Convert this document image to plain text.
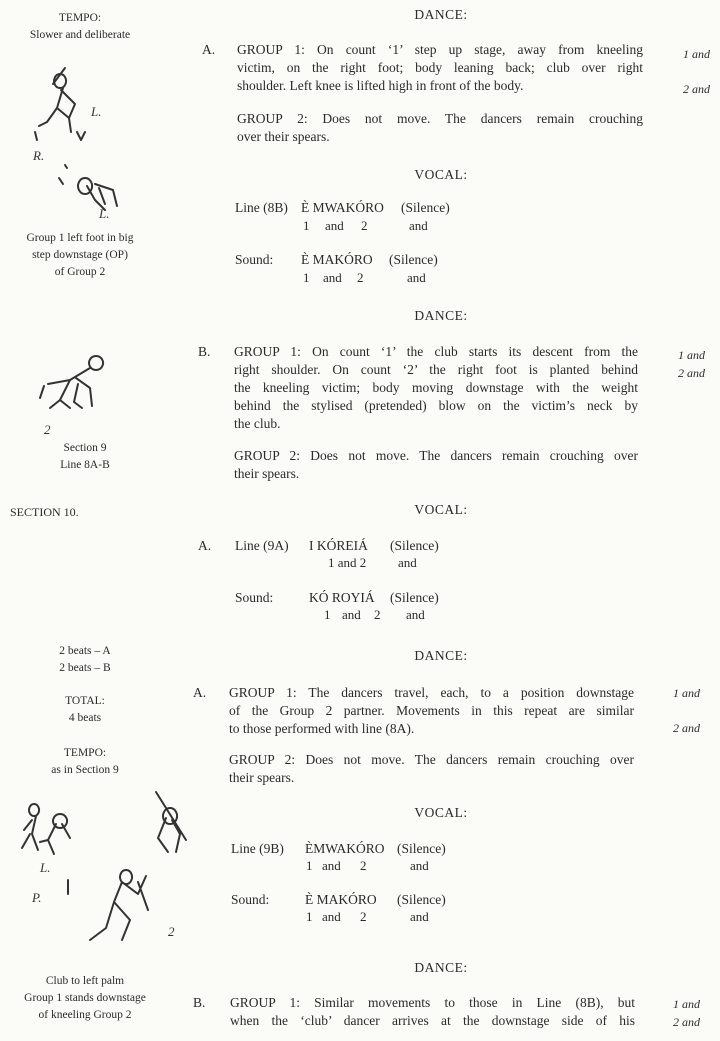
TEMPO:
Slower and deliberate
L.
R.
L.
Group 1 left foot in big
step downstage (OP)
of Group 2
2
Section 9
Line 8A-B
SECTION 10.
2 beats – A
2 beats – B
TOTAL:
4 beats
TEMPO:
as in Section 9
L.
P.
2
Club to left palm
Group 1 stands downstage
of kneeling Group 2
DANCE:
A. GROUP 1: On count ‘1’ step up stage, away from kneeling
victim, on the right foot; body leaning back; club over right
shoulder. Left knee is lifted high in front of the body.
1 and
2 and
GROUP 2: Does not move. The dancers remain crouching
over their spears.
VOCAL:
Line (8B) È MWAKÓRO (Silence)
1 and 2	and
Sound: È MAKÓRO (Silence)
1 and 2	and
DANCE:
B. GROUP 1: On count ‘1’ the club starts its descent from the
right shoulder. On count ‘2’ the right foot is planted behind
the kneeling victim; body moving downstage with the weight
behind the stylised (pretended) blow on the victim’s neck by
the club.
1 and
2 and
GROUP 2: Does not move. The dancers remain crouching over
their spears.
VOCAL:
A. Line (9A) I KÓREIÁ (Silence)
1 and 2 and
Sound:	KÓ ROYIÁ (Silence)
1 and 2 and
DANCE:
A. GROUP 1: The dancers travel, each, to a position downstage
of the Group 2 partner. Movements in this repeat are similar
to those performed with line (8A).
1 and
2 and
GROUP 2: Does not move. The dancers remain crouching over
their spears.
VOCAL:
Line (9B) ÈMWAKÓRO (Silence)
1 and 2	and
Sound:	È MAKÓRO (Silence)
1 and 2	and
DANCE:
B. GROUP 1: Similar movements to those in Line (8B), but
when the ‘club’ dancer arrives at the downstage side of his
1 and
2 and
